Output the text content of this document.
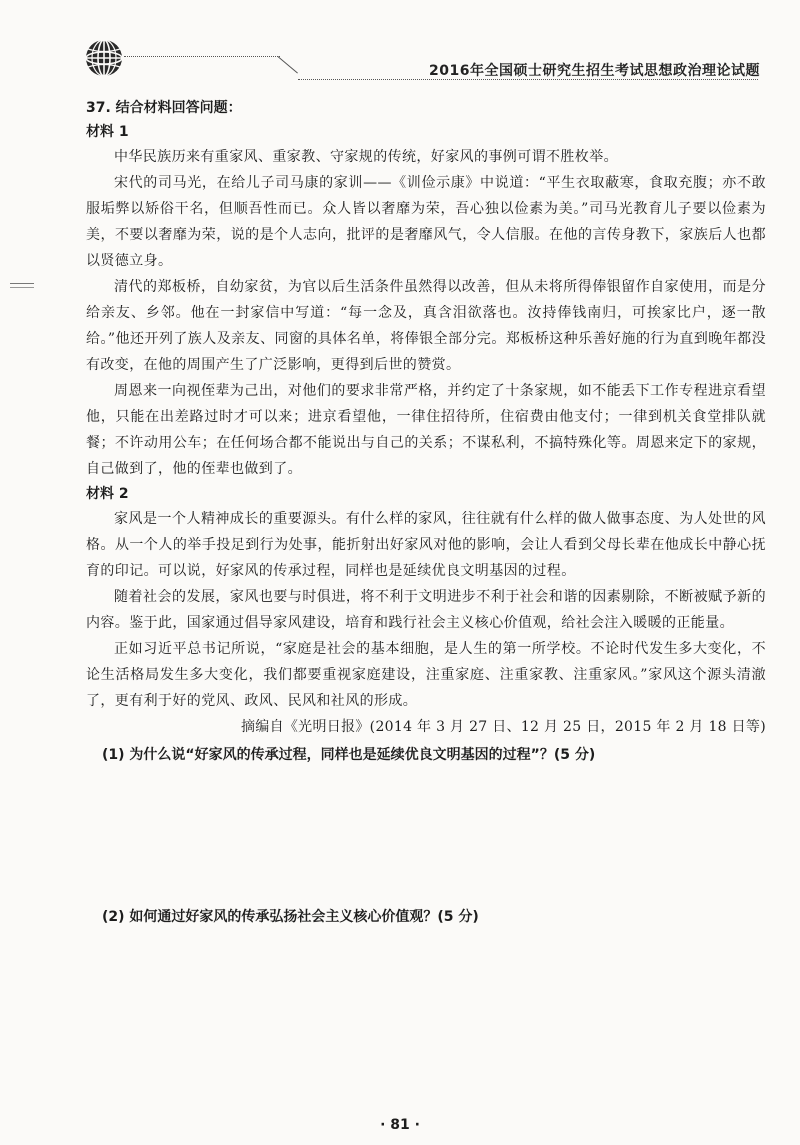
2016年全国硕士研究生招生考试思想政治理论试题
37. 结合材料回答问题：
材料 1

中华民族历来有重家风、重家教、守家规的传统，好家风的事例可谓不胜枚举。

宋代的司马光，在给儿子司马康的家训——《训俭示康》中说道：“平生衣取蔽寒，食取充腹；亦不敢服垢弊以矫俗干名，但顺吾性而已。众人皆以奢靡为荣，吾心独以俭素为美。”司马光教育儿子要以俭素为美，不要以奢靡为荣，说的是个人志向，批评的是奢靡风气，令人信服。在他的言传身教下，家族后人也都以贤德立身。

清代的郑板桥，自幼家贫，为官以后生活条件虽然得以改善，但从未将所得俸银留作自家使用，而是分给亲友、乡邻。他在一封家信中写道：“每一念及，真含泪欲落也。汝持俸钱南归，可挨家比户，逐一散给。”他还开列了族人及亲友、同窗的具体名单，将俸银全部分完。郑板桥这种乐善好施的行为直到晚年都没有改变，在他的周围产生了广泛影响，更得到后世的赞赏。

周恩来一向视侄辈为己出，对他们的要求非常严格，并约定了十条家规，如不能丢下工作专程进京看望他，只能在出差路过时才可以来；进京看望他，一律住招待所，住宿费由他支付；一律到机关食堂排队就餐；不许动用公车；在任何场合都不能说出与自己的关系；不谋私利，不搞特殊化等。周恩来定下的家规，自己做到了，他的侄辈也做到了。

材料 2

家风是一个人精神成长的重要源头。有什么样的家风，往往就有什么样的做人做事态度、为人处世的风格。从一个人的举手投足到行为处事，能折射出好家风对他的影响，会让人看到父母长辈在他成长中静心抚育的印记。可以说，好家风的传承过程，同样也是延续优良文明基因的过程。

随着社会的发展，家风也要与时俱进，将不利于文明进步不利于社会和谐的因素剔除，不断被赋予新的内容。鉴于此，国家通过倡导家风建设，培育和践行社会主义核心价值观，给社会注入暖暖的正能量。

正如习近平总书记所说，“家庭是社会的基本细胞，是人生的第一所学校。不论时代发生多大变化，不论生活格局发生多大变化，我们都要重视家庭建设，注重家庭、注重家教、注重家风。”家风这个源头清澈了，更有利于好的党风、政风、民风和社风的形成。

摘编自《光明日报》(2014 年 3 月 27 日、12 月 25 日，2015 年 2 月 18 日等)

(1) 为什么说“好家风的传承过程，同样也是延续优良文明基因的过程”？(5 分)

(2) 如何通过好家风的传承弘扬社会主义核心价值观？(5 分)

· 81 ·
